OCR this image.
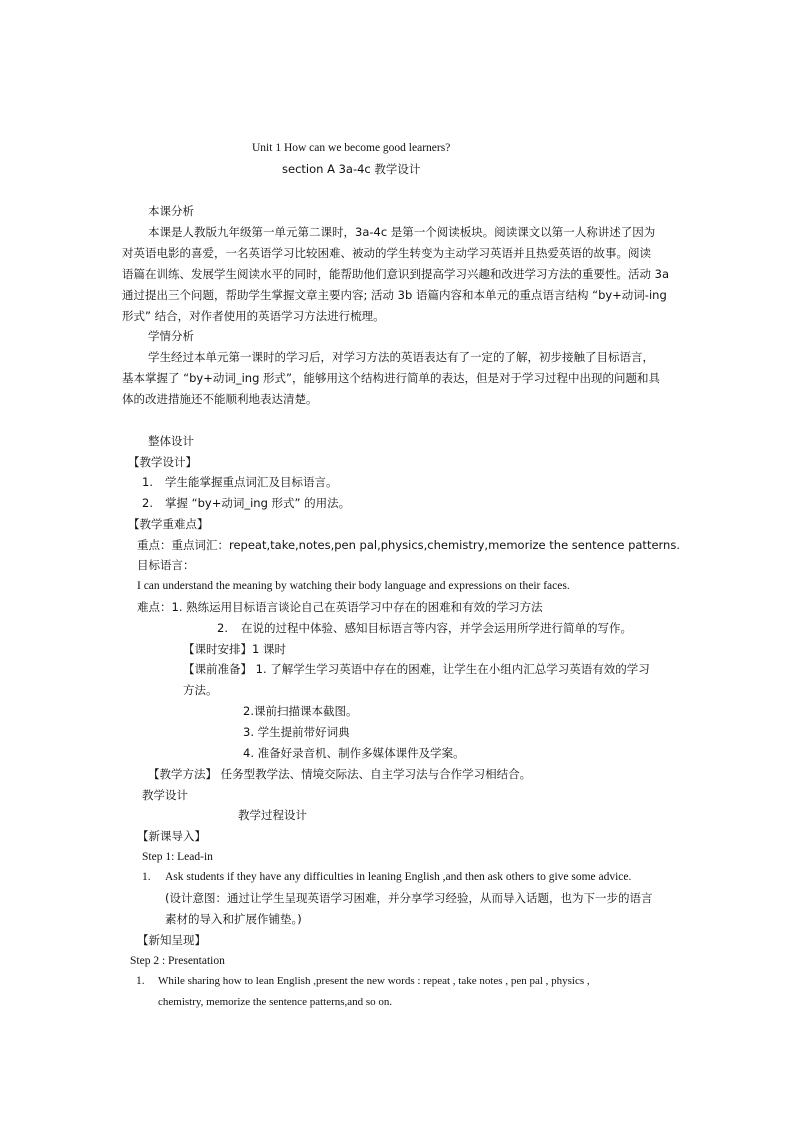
Unit 1 How can we become good learners?
section A 3a-4c 教学设计
本课分析
本课是人教版九年级第一单元第二课时，3a-4c 是第一个阅读板块。阅读课文以第一人称讲述了因为
对英语电影的喜爱，一名英语学习比较困难、被动的学生转变为主动学习英语并且热爱英语的故事。阅读
语篇在训练、发展学生阅读水平的同时，能帮助他们意识到提高学习兴趣和改进学习方法的重要性。活动 3a
通过提出三个问题，帮助学生掌握文章主要内容; 活动 3b 语篇内容和本单元的重点语言结构 “by+动词-ing
形式” 结合，对作者使用的英语学习方法进行梳理。
学情分析
学生经过本单元第一课时的学习后，对学习方法的英语表达有了一定的了解，初步接触了目标语言，
基本掌握了 “by+动词_ing 形式”，能够用这个结构进行简单的表达，但是对于学习过程中出现的问题和具
体的改进措施还不能顺利地表达清楚。
整体设计
【教学设计】
1. 学生能掌握重点词汇及目标语言。
2. 掌握 “by+动词_ing 形式” 的用法。
【教学重难点】
重点：重点词汇：repeat,take,notes,pen pal,physics,chemistry,memorize the sentence patterns.
目标语言：
I can understand the meaning by watching their body language and expressions on their faces.
难点：1. 熟练运用目标语言谈论自己在英语学习中存在的困难和有效的学习方法
2. 在说的过程中体验、感知目标语言等内容，并学会运用所学进行简单的写作。
【课时安排】1 课时
【课前准备】 1. 了解学生学习英语中存在的困难，让学生在小组内汇总学习英语有效的学习
方法。
2.课前扫描课本截图。
3. 学生提前带好词典
4. 准备好录音机、制作多媒体课件及学案。
【教学方法】 任务型教学法、情境交际法、自主学习法与合作学习相结合。
教学设计
教学过程设计
【新课导入】
Step 1: Lead-in
1. Ask students if they have any difficulties in leaning English ,and then ask others to give some advice.
(设计意图：通过让学生呈现英语学习困难，并分享学习经验，从而导入话题，也为下一步的语言
素材的导入和扩展作铺垫。)
【新知呈现】
Step 2 : Presentation
1. While sharing how to lean English ,present the new words : repeat , take notes , pen pal , physics ,
chemistry, memorize the sentence patterns,and so on.
